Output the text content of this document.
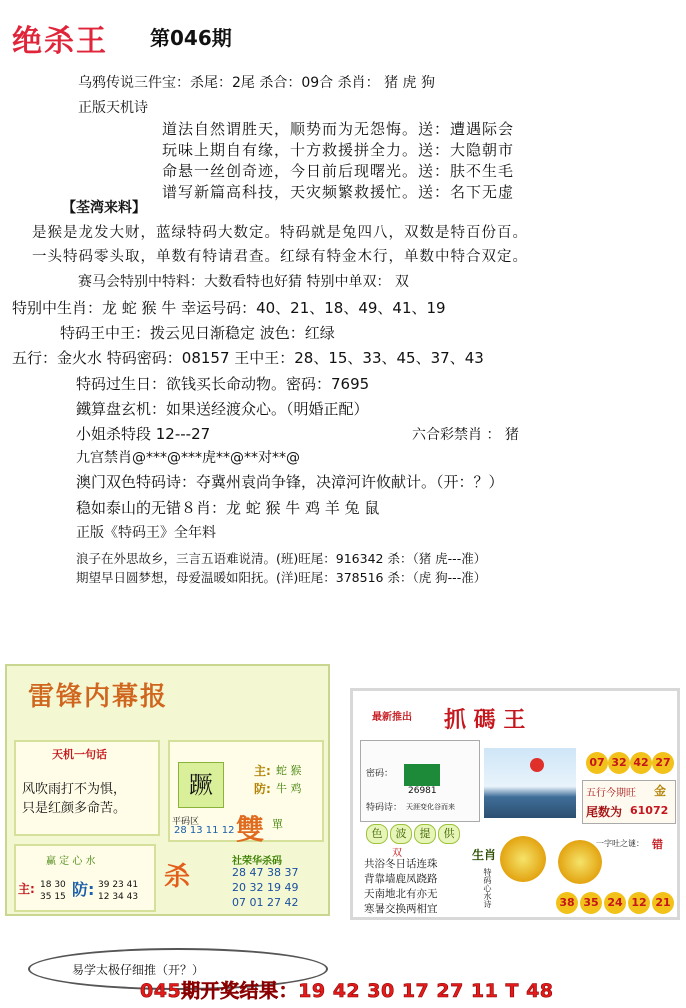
绝杀王 第046期
乌鸦传说三件宝：杀尾：2尾 杀合：09合 杀肖： 猪 虎 狗
正版天机诗
道法自然谓胜天，顺势而为无怨悔。送：遭遇际会
玩味上期自有缘，十方救援拼全力。送：大隐朝市
命悬一丝创奇迹，今日前后现曙光。送：肤不生毛
谱写新篇高科技，天灾频繁救援忙。送：名下无虚
【荃湾来料】
是猴是龙发大财，蓝绿特码大数定。特码就是兔四八，双数是特百份百。
一头特码零头取，单数有特请君查。红绿有特金木行，单数中特合双定。
赛马会特别中特料：大数看特也好猜 特别中单双： 双
特别中生肖：龙 蛇 猴 牛 幸运号码：40、21、18、49、41、19
特码王中王：拨云见日渐稳定 波色：红绿
五行：金火水 特码密码：08157 王中王：28、15、33、45、37、43
特码过生日：欲钱买长命动物。密码：7695
鐵算盘玄机：如果送经渡众心。（明婚正配）
小姐杀特段 12---27	六合彩禁肖 ： 猪
九宫禁肖@***@***虎**@**对**@
澳门双色特码诗：夺冀州袁尚争锋，决漳河许攸献计。（开：？）
稳如泰山的无错８肖：龙 蛇 猴 牛 鸡 羊 兔 鼠
正版《特码王》全年料
浪子在外思故乡，三言五语难说清。(班)旺尾：916342 杀：（猪 虎---准）
期望早日圆梦想，母爱温暖如阳抚。(洋)旺尾：378516 杀：（虎 狗---准）
雷锋内幕报
天机一句话
风吹雨打不为惧，
只是红颜多命苦。
蹶	主: 蛇 猴
防: 牛 鸡
平码区
28 13 11 12 雙 單
赢 定 心 水
主: 18 30
35 15 防: 39 23 41
12 34 43
杀
社荣华杀码
28 47 38 37
20 32 19 49
07 01 27 42
最新推出 抓 碼 王
密码：
26981
特码诗： 天涯变化谷而来
07 32 42 27
五行今期旺 金
尾数为 61072
色	波	提	供
双
共浴冬日话连珠
背靠墙鹿凤跷路
天南地北有亦无
寒暑交换两相宜
生肖
特码心水诗
一字吐之谜： 错
38 35 24 12 21
易学太极仔细推（开？）
045期开奖结果：19 42 30 17 27 11 T 48
